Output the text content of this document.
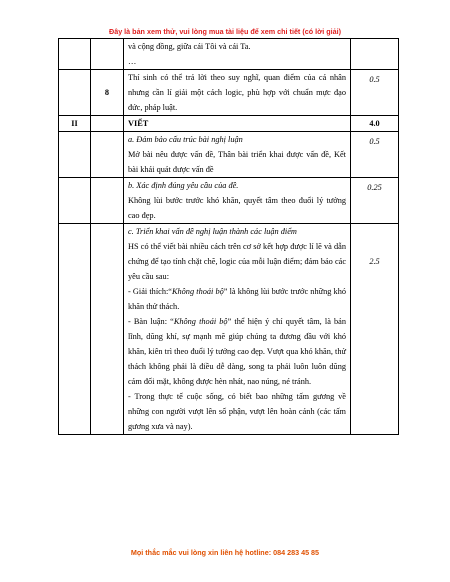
Đây là bản xem thử, vui lòng mua tài liệu để xem chi tiết (có lời giải)

		và cộng đồng, giữa cái Tôi và cái Ta.
…	

	8	Thí sinh có thể trả lời theo suy nghĩ, quan điểm của cá nhân nhưng cần lí giải một cách logic, phù hợp với chuẩn mực đạo đức, pháp luật.	0.5
II		VIẾT	4.0

		a. Đảm bảo cấu trúc bài nghị luận
Mở bài nêu được vấn đề, Thân bài triển khai được vấn đề, Kết bài khái quát được vấn đề	0.5

		b. Xác định đúng yêu cầu của đề.
Không lùi bước trước khó khăn, quyết tâm theo đuổi lý tưởng cao đẹp.	0.25

		c. Triển khai vấn đề nghị luận thành các luận điểm
HS có thể viết bài nhiều cách trên cơ sở kết hợp được lí lẽ và dẫn chứng để tạo tính chặt chẽ, logic của mỗi luận điểm; đảm bảo các yêu cầu sau:
- Giải thích:“Không thoái bộ” là không lùi bước trước những khó khăn thử thách.
- Bàn luận: “Không thoái bộ” thể hiện ý chí quyết tâm, là bản lĩnh, dũng khí, sự mạnh mẽ giúp chúng ta đương đầu với khó khăn, kiên trì theo đuổi lý tưởng cao đẹp. Vượt qua khó khăn, thử thách không phải là điều dễ dàng, song ta phải luôn luôn dũng cảm đối mặt, không được hèn nhát, nao núng, né tránh.
- Trong thực tế cuộc sống, có biết bao những tấm gương về những con người vượt lên số phận, vượt lên hoàn cảnh (các tấm gương xưa và nay).	2.5
Mọi thắc mắc vui lòng xin liên hệ hotline: 084 283 45 85
